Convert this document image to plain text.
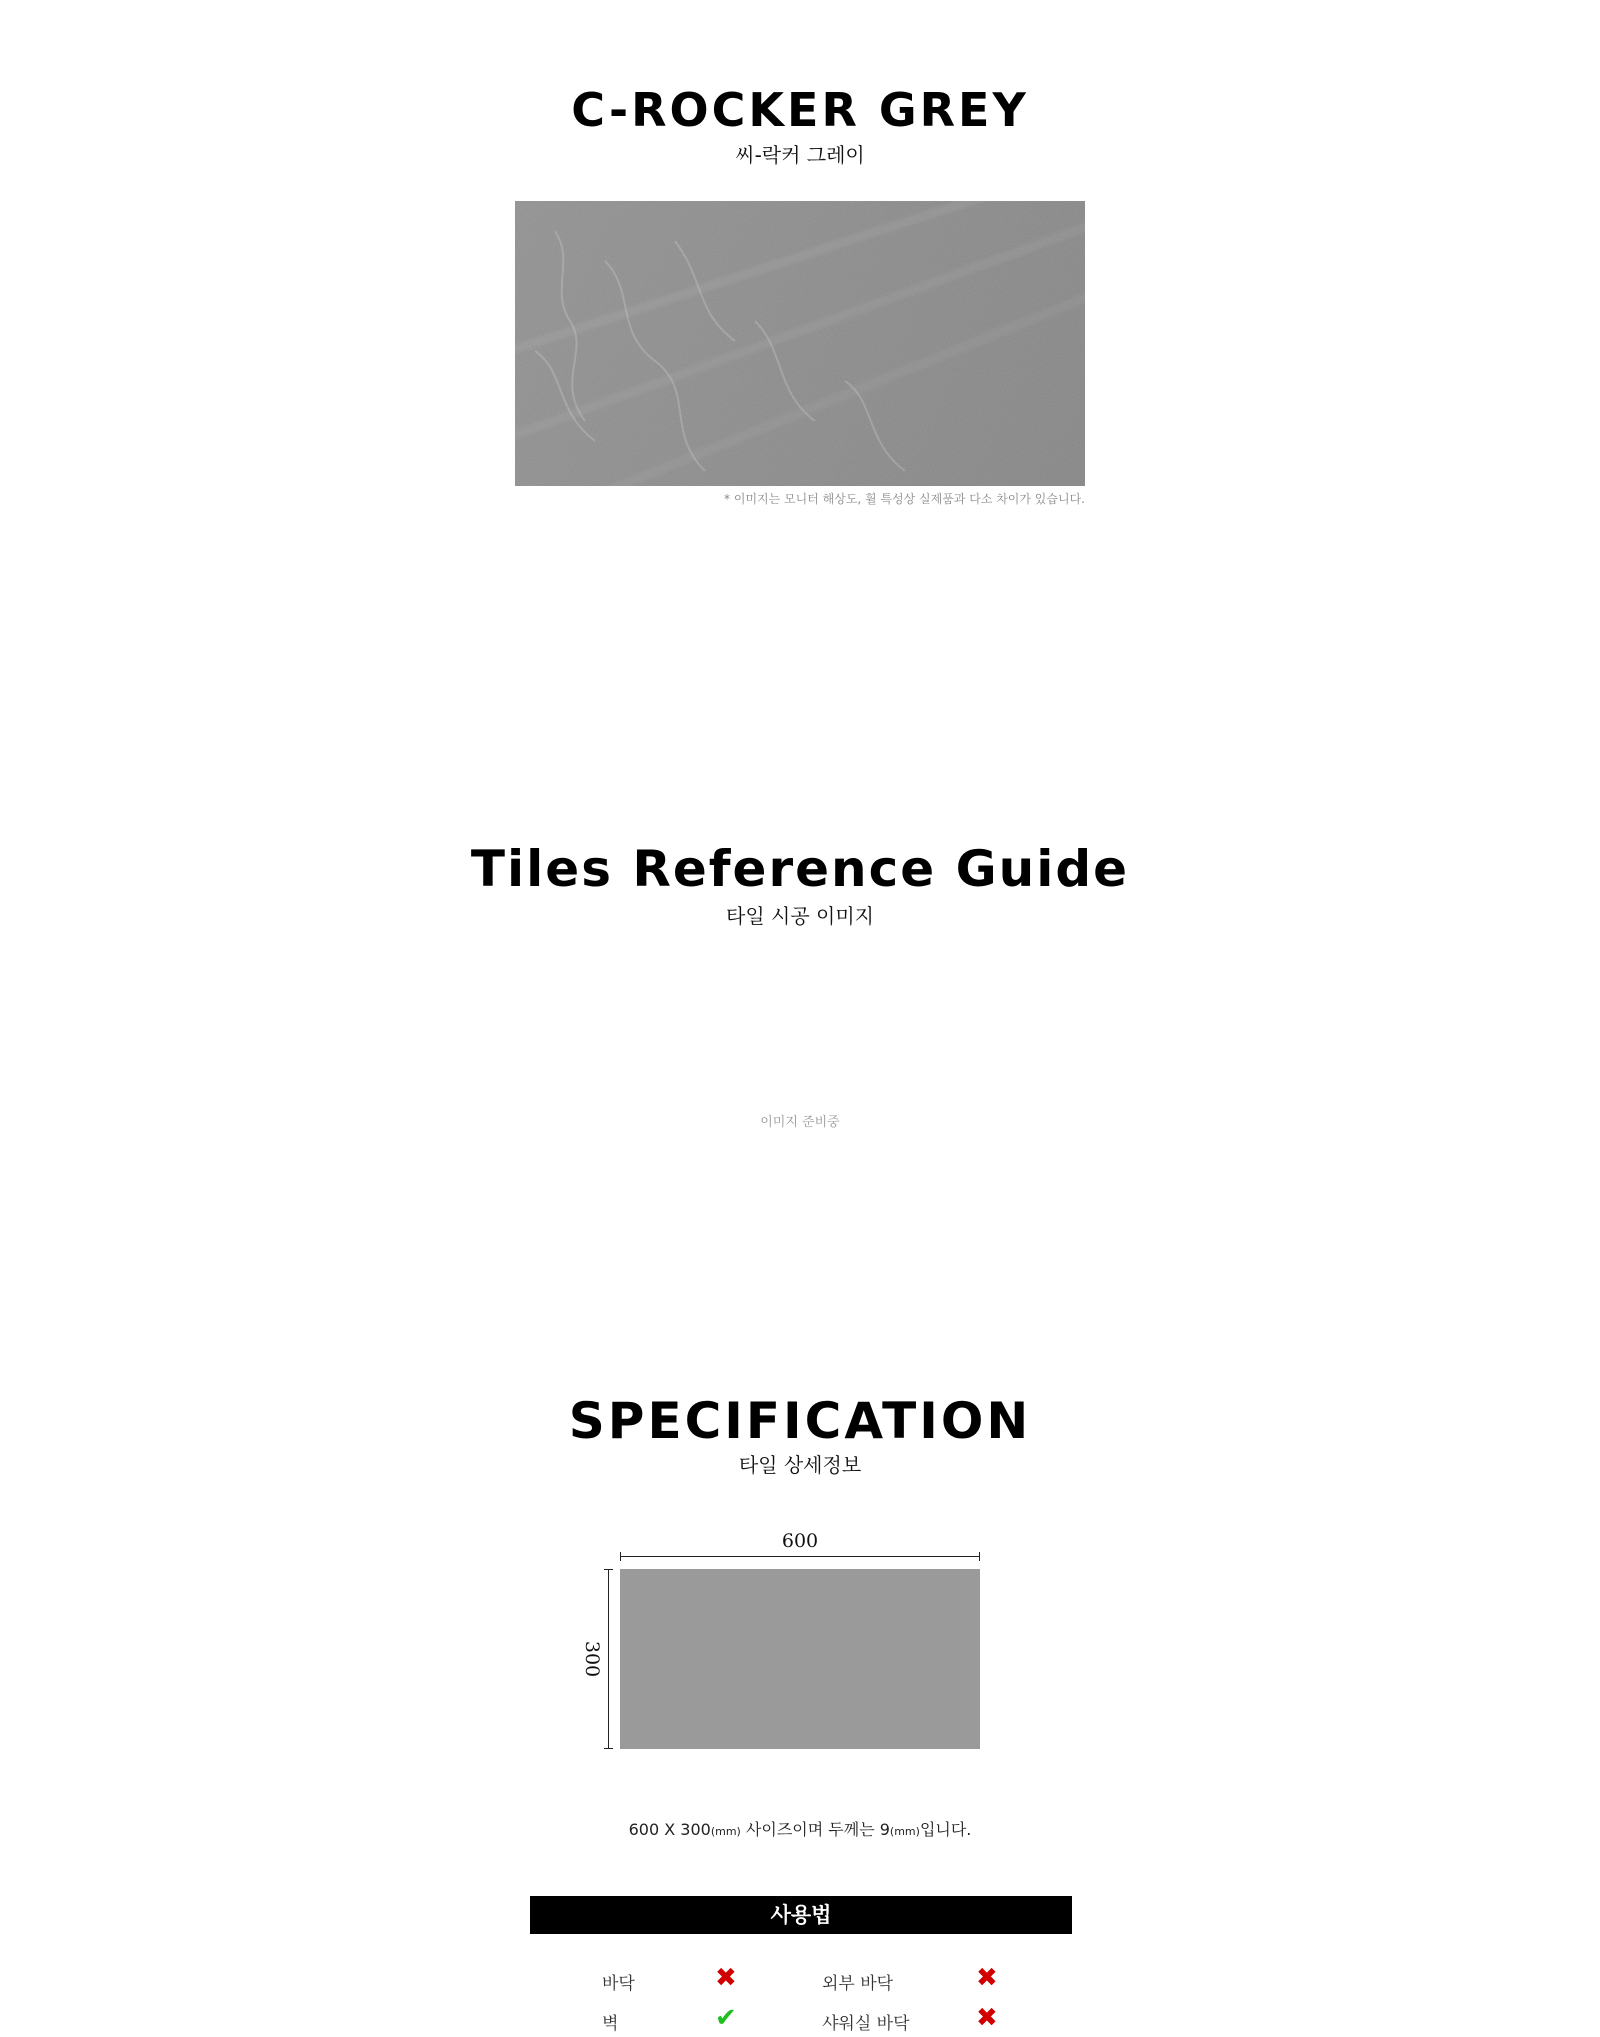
C-ROCKER GREY
씨-락커 그레이
* 이미지는 모니터 해상도, 휠 특성상 실제품과 다소 차이가 있습니다.
Tiles Reference Guide
타일 시공 이미지
이미지 준비중
SPECIFICATION
타일 상세정보
600
300
600 X 300(mm) 사이즈이며 두께는 9(mm)입니다.
사용법
바닥	✖	외부 바닥	✖
벽	✔	샤워실 바닥	✖
